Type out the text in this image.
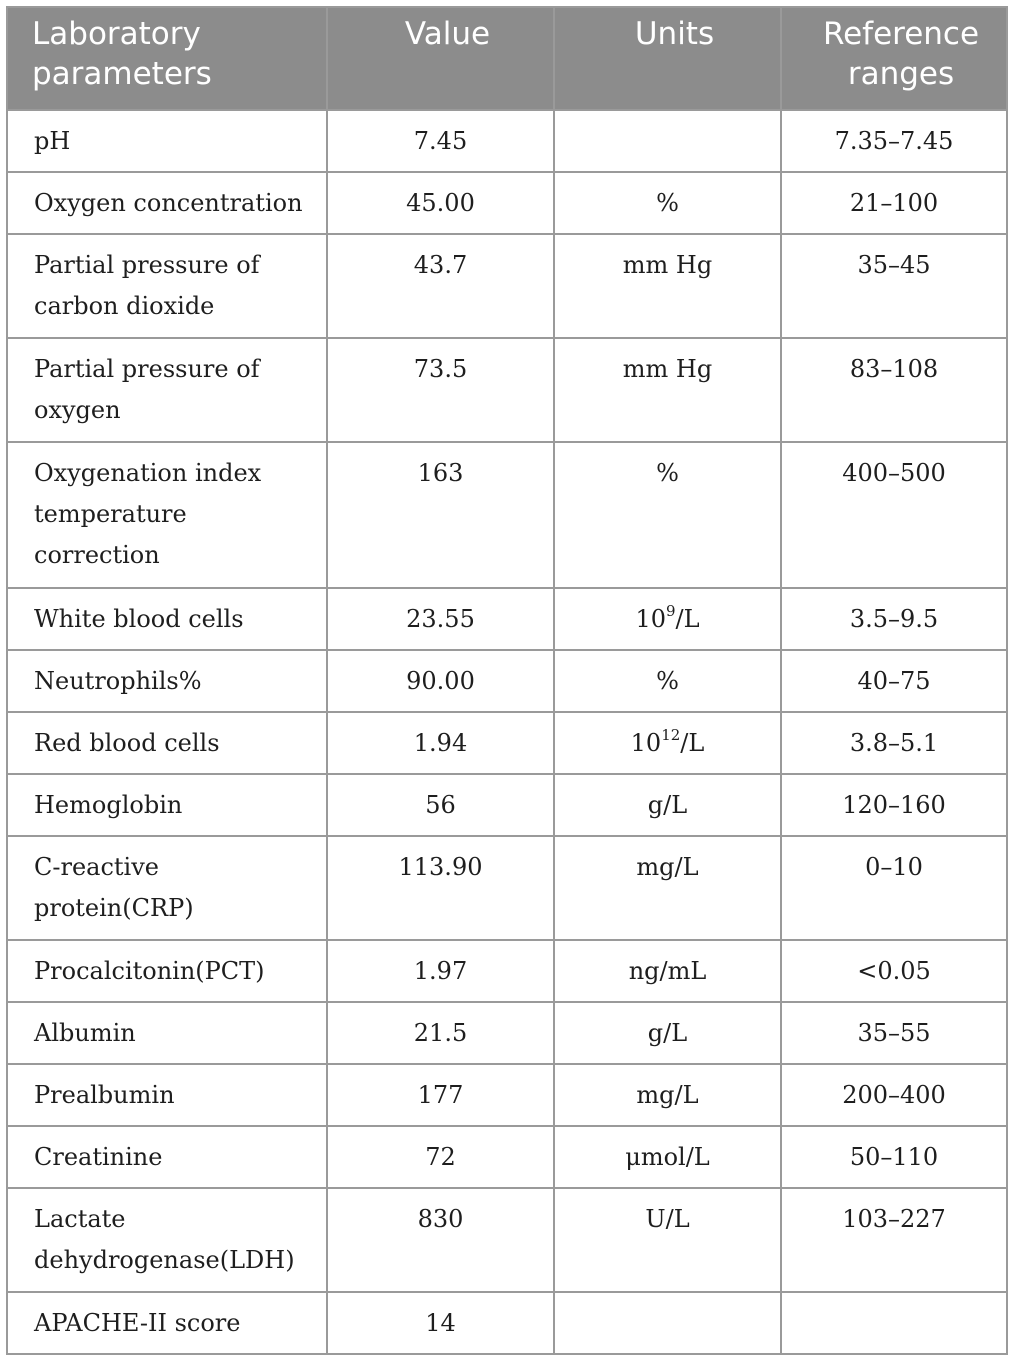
Laboratory parameters	Value	Units	Reference ranges
pH	7.45		7.35–7.45
Oxygen concentration	45.00	%	21–100
Partial pressure of carbon dioxide	43.7	mm Hg	35–45
Partial pressure of oxygen	73.5	mm Hg	83–108
Oxygenation index temperature correction	163	%	400–500
White blood cells	23.55	$10^9/L$	3.5–9.5
Neutrophils%	90.00	%	40–75
Red blood cells	1.94	$10^{12}/L$	3.8–5.1
Hemoglobin	56	g/L	120–160
C-reactive protein(CRP)	113.90	mg/L	0–10
Procalcitonin(PCT)	1.97	ng/mL	<0.05
Albumin	21.5	g/L	35–55
Prealbumin	177	mg/L	200–400
Creatinine	72	μmol/L	50–110
Lactate dehydrogenase(LDH)	830	U/L	103–227
APACHE-II score	14		
